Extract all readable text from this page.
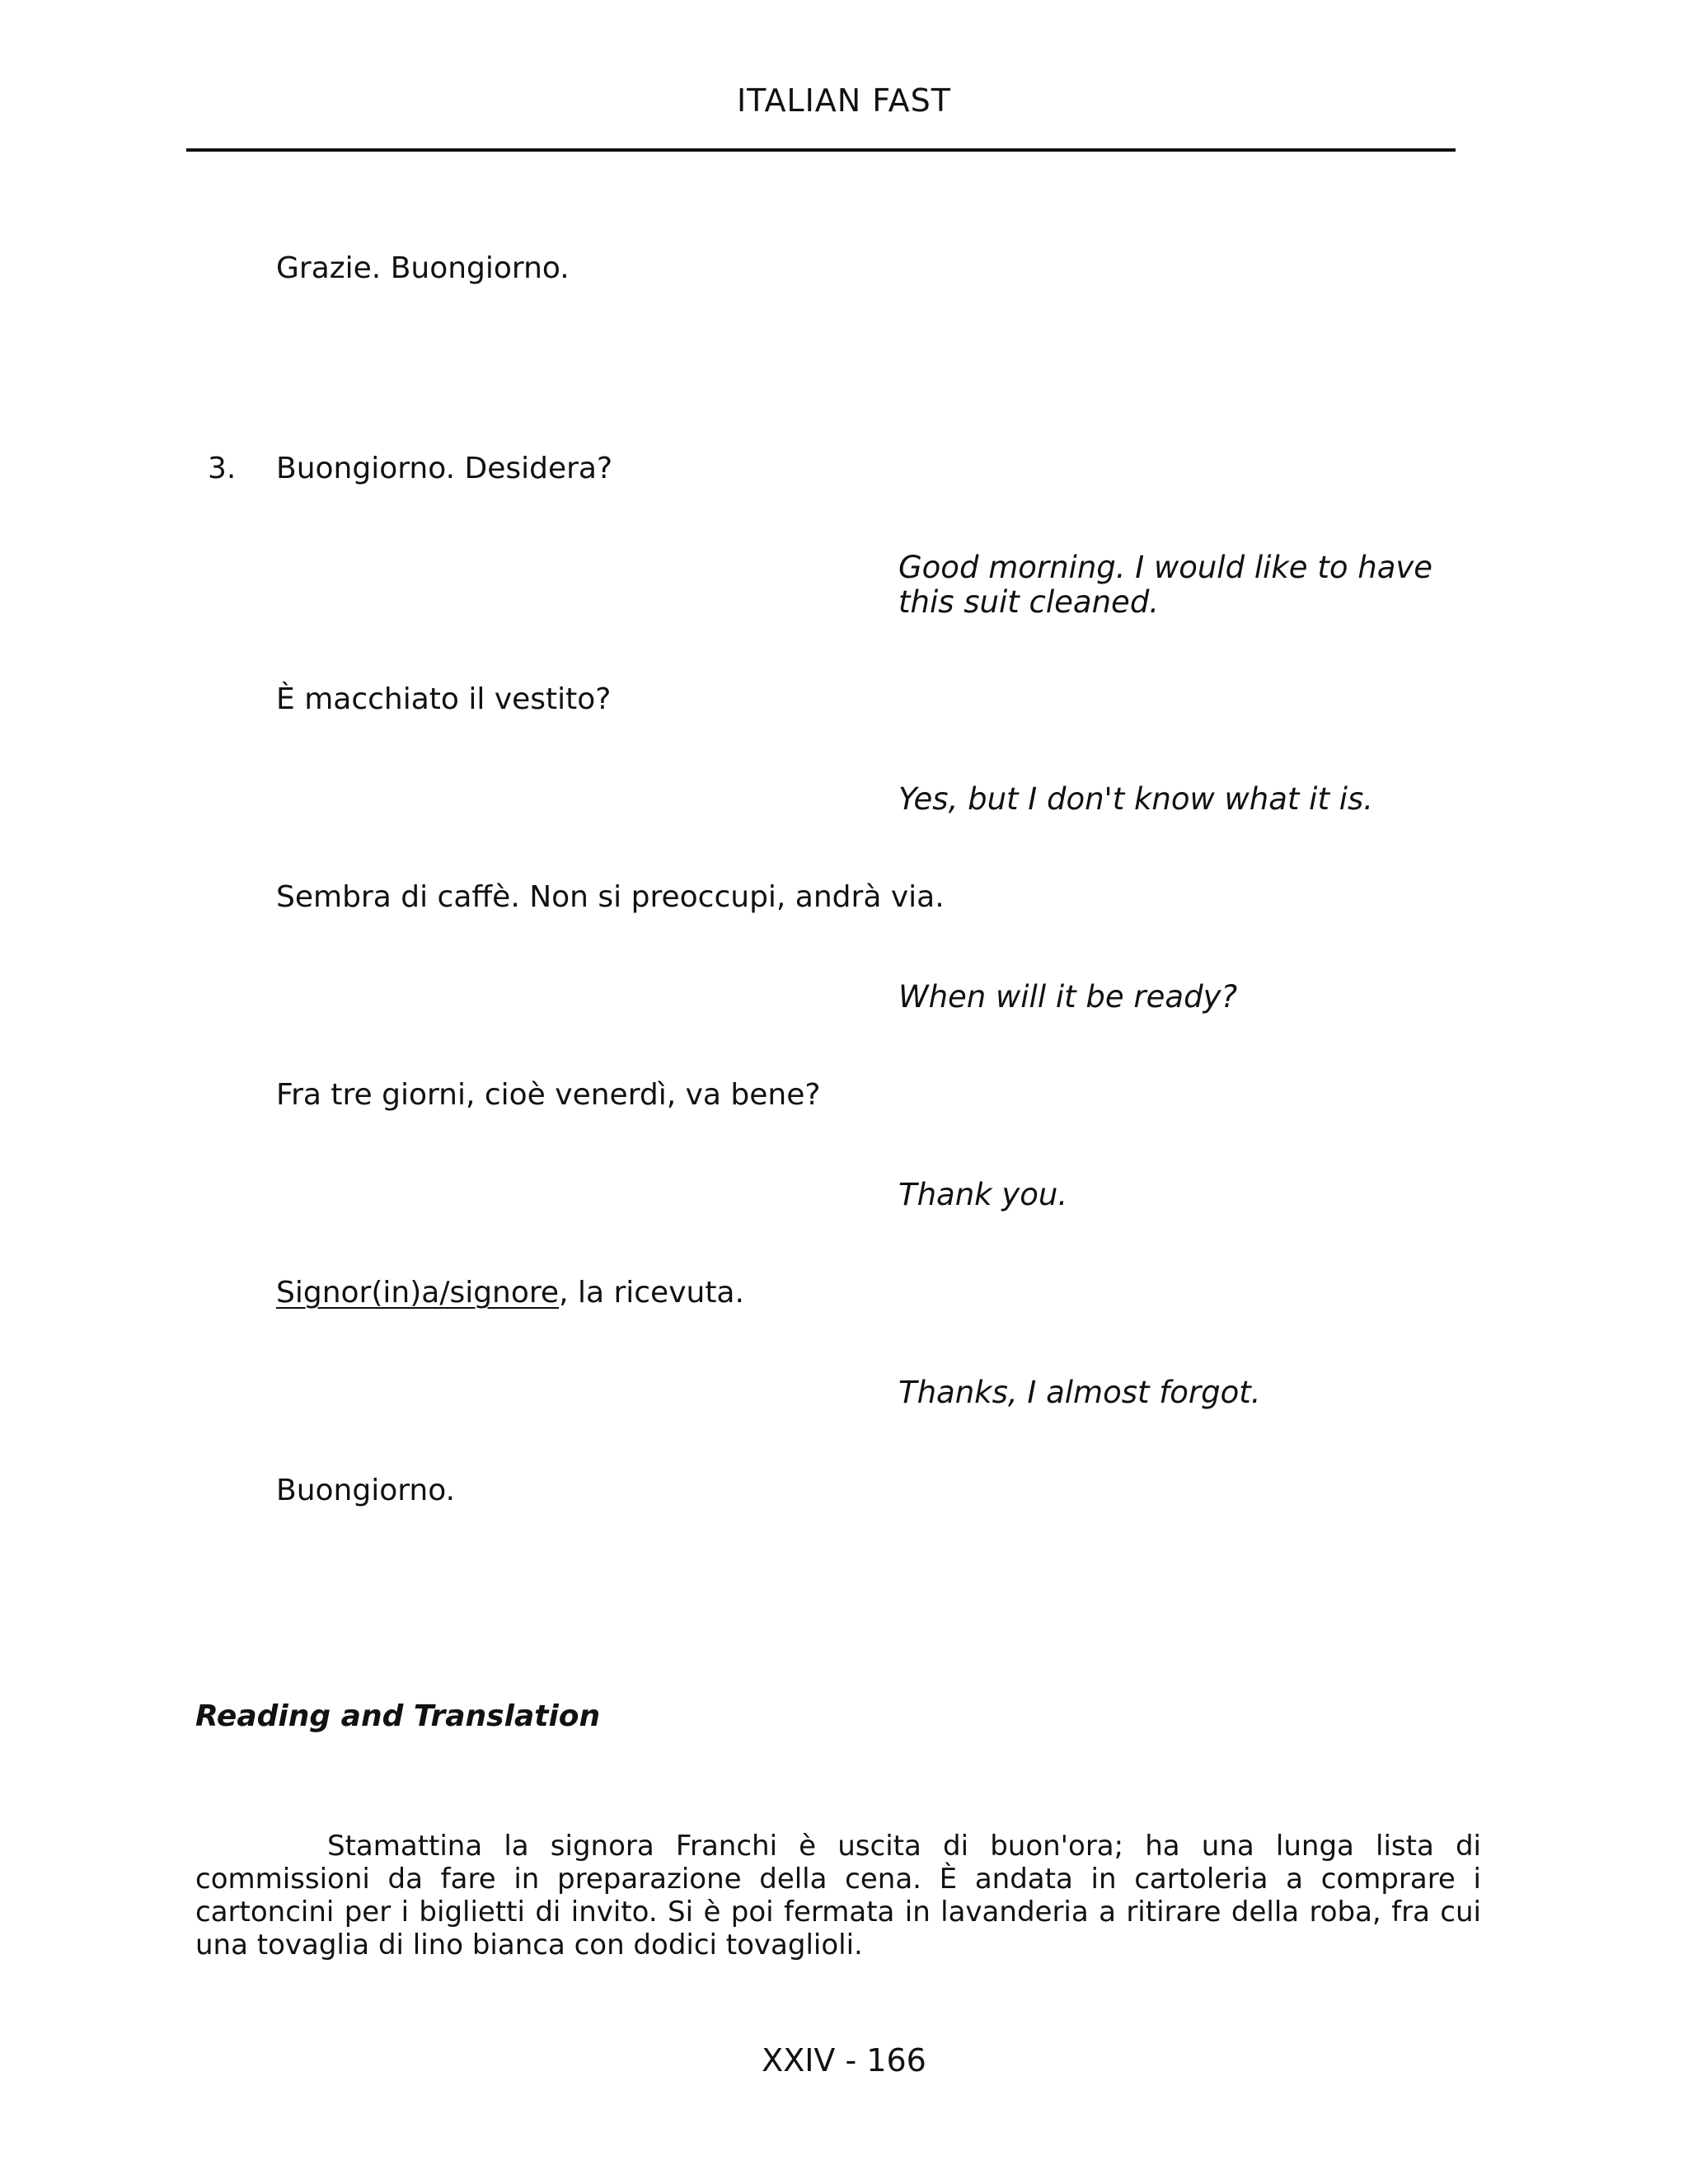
ITALIAN FAST
Grazie. Buongiorno.
3. Buongiorno. Desidera?
Good morning. I would like to have
this suit cleaned.
È macchiato il vestito?
Yes, but I don't know what it is.
Sembra di caffè. Non si preoccupi, andrà via.
When will it be ready?
Fra tre giorni, cioè venerdì, va bene?
Thank you.
Signor(in)a/signore, la ricevuta.
Thanks, I almost forgot.
Buongiorno.
Reading and Translation
Stamattina la signora Franchi è uscita di buon'ora; ha una lunga lista di commissioni da fare in preparazione della cena. È andata in cartoleria a comprare i cartoncini per i biglietti di invito. Si è poi fermata in lavanderia a ritirare della roba, fra cui una tovaglia di lino bianca con dodici tovaglioli.
XXIV - 166
